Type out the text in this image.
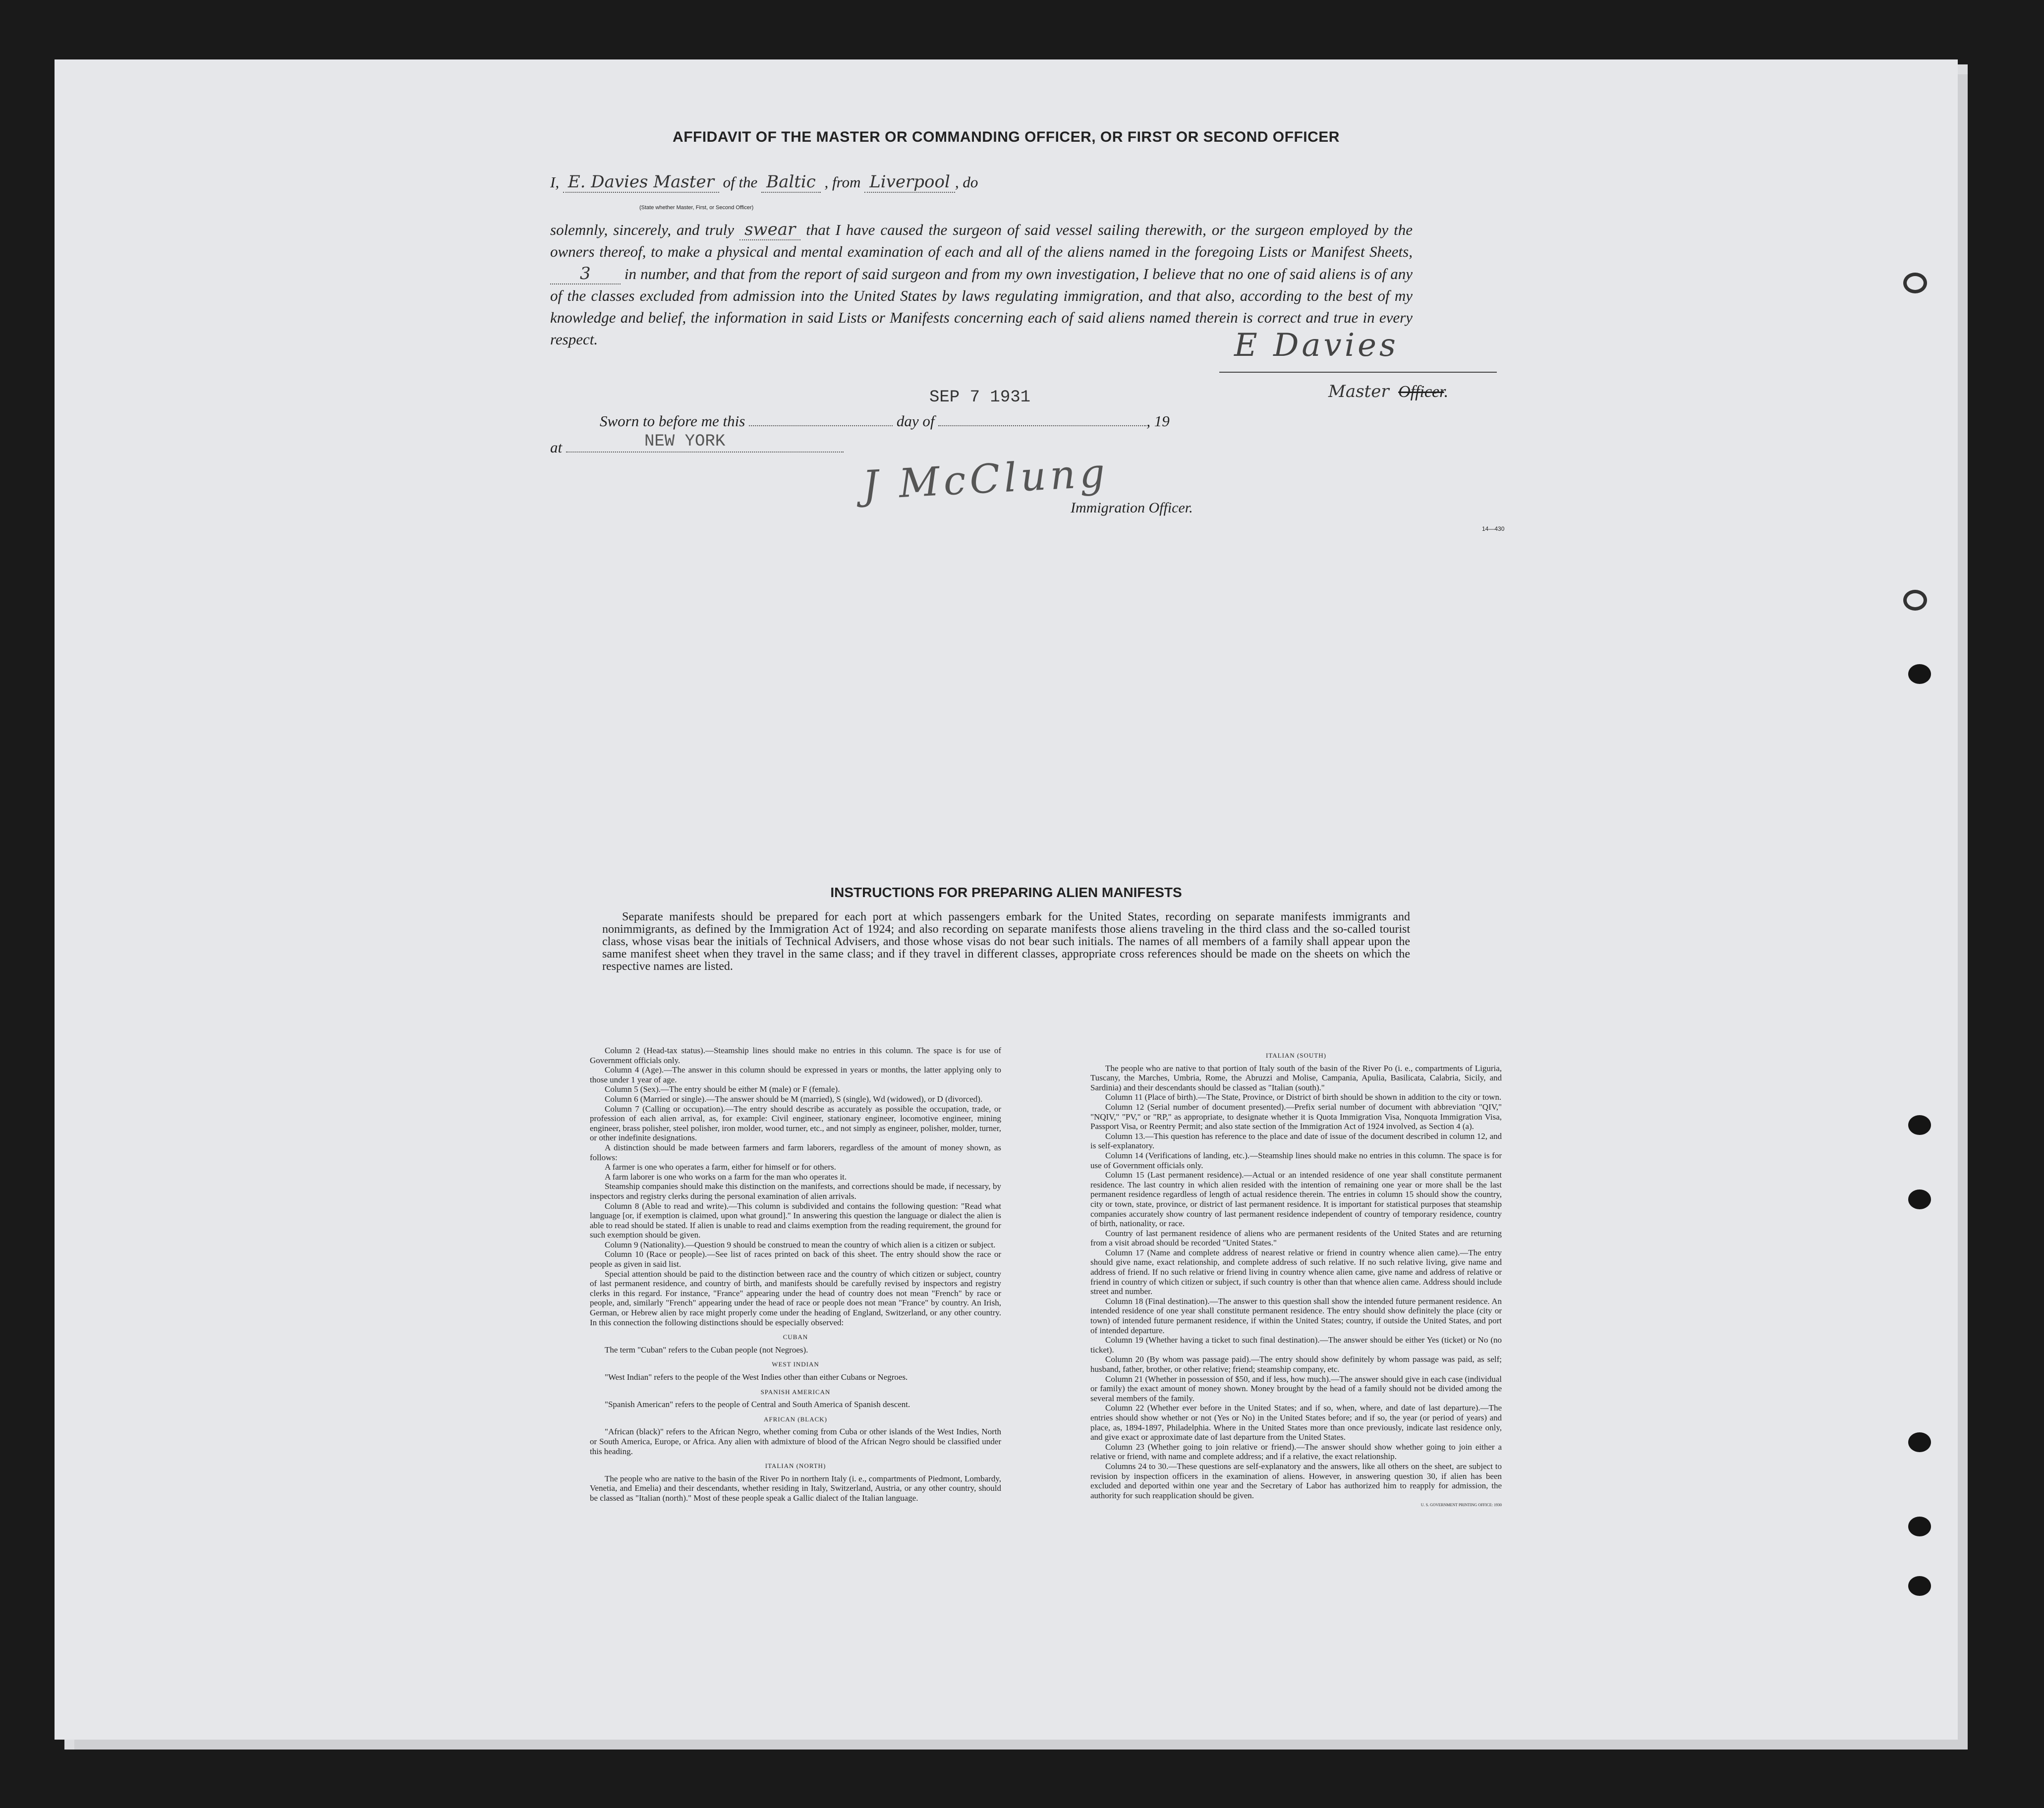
AFFIDAVIT OF THE MASTER OR COMMANDING OFFICER, OR FIRST OR SECOND OFFICER
I, E. Davies Master of the Baltic , from Liverpool , do
(State whether Master, First, or Second Officer)
solemnly, sincerely, and truly swear that I have caused the surgeon of said vessel sailing therewith, or the surgeon employed by the owners thereof, to make a physical and mental examination of each and all of the aliens named in the foregoing Lists or Manifest Sheets, 3 in number, and that from the report of said surgeon and from my own investigation, I believe that no one of said aliens is of any of the classes excluded from admission into the United States by laws regulating immigration, and that also, according to the best of my knowledge and belief, the information in said Lists or Manifests concerning each of said aliens named therein is correct and true in every respect.	E Davies
Master Officer.
SEP 7 1931
Sworn to before me this	day of	, 19
at	NEW YORK
J McClung
Immigration Officer.
14—430
INSTRUCTIONS FOR PREPARING ALIEN MANIFESTS
Separate manifests should be prepared for each port at which passengers embark for the United States, recording on separate manifests immigrants and nonimmigrants, as defined by the Immigration Act of 1924; and also recording on separate manifests those aliens traveling in the third class and the so-called tourist class, whose visas bear the initials of Technical Advisers, and those whose visas do not bear such initials. The names of all members of a family shall appear upon the same manifest sheet when they travel in the same class; and if they travel in different classes, appropriate cross references should be made on the sheets on which the respective names are listed.

Column 2 (Head-tax status).—Steamship lines should make no entries in this column. The space is for use of Government officials only.

Column 4 (Age).—The answer in this column should be expressed in years or months, the latter applying only to those under 1 year of age.

Column 5 (Sex).—The entry should be either M (male) or F (female).

Column 6 (Married or single).—The answer should be M (married), S (single), Wd (widowed), or D (divorced).

Column 7 (Calling or occupation).—The entry should describe as accurately as possible the occupation, trade, or profession of each alien arrival, as, for example: Civil engineer, stationary engineer, locomotive engineer, mining engineer, brass polisher, steel polisher, iron molder, wood turner, etc., and not simply as engineer, polisher, molder, turner, or other indefinite designations.

A distinction should be made between farmers and farm laborers, regardless of the amount of money shown, as follows:

A farmer is one who operates a farm, either for himself or for others.

A farm laborer is one who works on a farm for the man who operates it.

Steamship companies should make this distinction on the manifests, and corrections should be made, if necessary, by inspectors and registry clerks during the personal examination of alien arrivals.

Column 8 (Able to read and write).—This column is subdivided and contains the following question: "Read what language [or, if exemption is claimed, upon what ground]." In answering this question the language or dialect the alien is able to read should be stated. If alien is unable to read and claims exemption from the reading requirement, the ground for such exemption should be given.

Column 9 (Nationality).—Question 9 should be construed to mean the country of which alien is a citizen or subject.

Column 10 (Race or people).—See list of races printed on back of this sheet. The entry should show the race or people as given in said list.

Special attention should be paid to the distinction between race and the country of which citizen or subject, country of last permanent residence, and country of birth, and manifests should be carefully revised by inspectors and registry clerks in this regard. For instance, "France" appearing under the head of country does not mean "French" by race or people, and, similarly "French" appearing under the head of race or people does not mean "France" by country. An Irish, German, or Hebrew alien by race might properly come under the heading of England, Switzerland, or any other country. In this connection the following distinctions should be especially observed:

CUBAN

The term "Cuban" refers to the Cuban people (not Negroes).

WEST INDIAN

"West Indian" refers to the people of the West Indies other than either Cubans or Negroes.

SPANISH AMERICAN

"Spanish American" refers to the people of Central and South America of Spanish descent.

AFRICAN (BLACK)

"African (black)" refers to the African Negro, whether coming from Cuba or other islands of the West Indies, North or South America, Europe, or Africa. Any alien with admixture of blood of the African Negro should be classified under this heading.

ITALIAN (NORTH)

The people who are native to the basin of the River Po in northern Italy (i. e., compartments of Piedmont, Lombardy, Venetia, and Emelia) and their descendants, whether residing in Italy, Switzerland, Austria, or any other country, should be classed as "Italian (north)." Most of these people speak a Gallic dialect of the Italian language.

ITALIAN (SOUTH)

The people who are native to that portion of Italy south of the basin of the River Po (i. e., compartments of Liguria, Tuscany, the Marches, Umbria, Rome, the Abruzzi and Molise, Campania, Apulia, Basilicata, Calabria, Sicily, and Sardinia) and their descendants should be classed as "Italian (south)."

Column 11 (Place of birth).—The State, Province, or District of birth should be shown in addition to the city or town.

Column 12 (Serial number of document presented).—Prefix serial number of document with abbreviation "QIV," "NQIV," "PV," or "RP," as appropriate, to designate whether it is Quota Immigration Visa, Nonquota Immigration Visa, Passport Visa, or Reentry Permit; and also state section of the Immigration Act of 1924 involved, as Section 4 (a).

Column 13.—This question has reference to the place and date of issue of the document described in column 12, and is self-explanatory.

Column 14 (Verifications of landing, etc.).—Steamship lines should make no entries in this column. The space is for use of Government officials only.

Column 15 (Last permanent residence).—Actual or an intended residence of one year shall constitute permanent residence. The last country in which alien resided with the intention of remaining one year or more shall be the last permanent residence regardless of length of actual residence therein. The entries in column 15 should show the country, city or town, state, province, or district of last permanent residence. It is important for statistical purposes that steamship companies accurately show country of last permanent residence independent of country of temporary residence, country of birth, nationality, or race.

Country of last permanent residence of aliens who are permanent residents of the United States and are returning from a visit abroad should be recorded "United States."

Column 17 (Name and complete address of nearest relative or friend in country whence alien came).—The entry should give name, exact relationship, and complete address of such relative. If no such relative living, give name and address of friend. If no such relative or friend living in country whence alien came, give name and address of relative or friend in country of which citizen or subject, if such country is other than that whence alien came. Address should include street and number.

Column 18 (Final destination).—The answer to this question shall show the intended future permanent residence. An intended residence of one year shall constitute permanent residence. The entry should show definitely the place (city or town) of intended future permanent residence, if within the United States; country, if outside the United States, and port of intended departure.

Column 19 (Whether having a ticket to such final destination).—The answer should be either Yes (ticket) or No (no ticket).

Column 20 (By whom was passage paid).—The entry should show definitely by whom passage was paid, as self; husband, father, brother, or other relative; friend; steamship company, etc.

Column 21 (Whether in possession of $50, and if less, how much).—The answer should give in each case (individual or family) the exact amount of money shown. Money brought by the head of a family should not be divided among the several members of the family.

Column 22 (Whether ever before in the United States; and if so, when, where, and date of last departure).—The entries should show whether or not (Yes or No) in the United States before; and if so, the year (or period of years) and place, as, 1894-1897, Philadelphia. Where in the United States more than once previously, indicate last residence only, and give exact or approximate date of last departure from the United States.

Column 23 (Whether going to join relative or friend).—The answer should show whether going to join either a relative or friend, with name and complete address; and if a relative, the exact relationship.

Columns 24 to 30.—These questions are self-explanatory and the answers, like all others on the sheet, are subject to revision by inspection officers in the examination of aliens. However, in answering question 30, if alien has been excluded and deported within one year and the Secretary of Labor has authorized him to reapply for admission, the authority for such reapplication should be given.

U. S. GOVERNMENT PRINTING OFFICE: 1930
